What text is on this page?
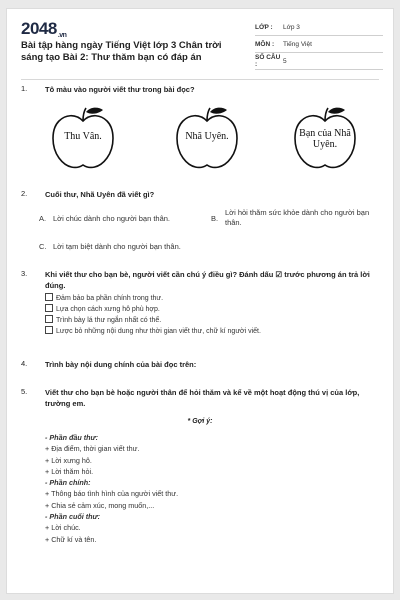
2048.vn
Bài tập hàng ngày Tiếng Việt lớp 3 Chân trời sáng tạo Bài 2: Thư thăm bạn có đáp án
LỚP :	Lớp 3
MÔN :	Tiếng Việt
SỐ CÂU :	5
1.	Tô màu vào người viết thư trong bài đọc?
Thu Vân.	Nhã Uyên.	Bạn của Nhã Uyên.
2.	Cuối thư, Nhã Uyên đã viết gì?
A. Lời chúc dành cho người bạn thân.	B.
Lời hỏi thăm sức khỏe dành cho người bạn thân.
C. Lời tạm biệt dành cho người bạn thân.
3.	Khi viết thư cho bạn bè, người viết cần chú ý điều gì? Đánh dấu ☑ trước phương án trả lời đúng.
Đảm bảo ba phần chính trong thư.
Lựa chọn cách xưng hô phù hợp.
Trình bày lá thư ngắn nhất có thể.
Lược bỏ những nội dung như thời gian viết thư, chữ kí người viết.
4.	Trình bày nội dung chính của bài đọc trên:
5.	Viết thư cho bạn bè hoặc người thân để hỏi thăm và kể về một hoạt động thú vị của lớp, trường em.
* Gợi ý:
- Phần đầu thư:
+ Địa điểm, thời gian viết thư.
+ Lời xưng hô.
+ Lời thăm hỏi.
- Phần chính:
+ Thông báo tình hình của người viết thư.
+ Chia sẻ cảm xúc, mong muốn,...
- Phần cuối thư:
+ Lời chúc.
+ Chữ kí và tên.
